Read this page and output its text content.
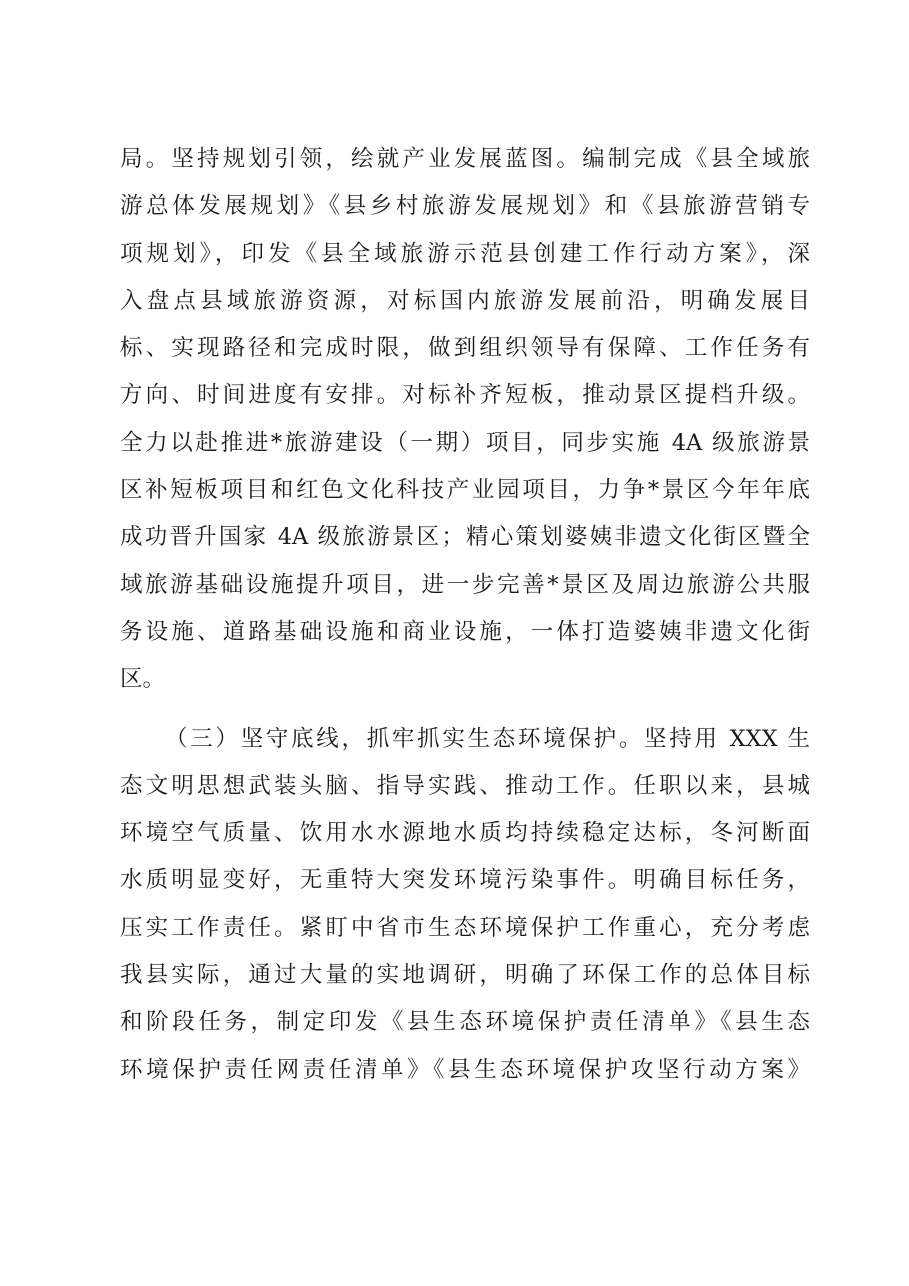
局。坚持规划引领，绘就产业发展蓝图。编制完成《县全域旅
游总体发展规划》《县乡村旅游发展规划》和《县旅游营销专
项规划》，印发《县全域旅游示范县创建工作行动方案》，深
入盘点县域旅游资源，对标国内旅游发展前沿，明确发展目
标、实现路径和完成时限，做到组织领导有保障、工作任务有
方向、时间进度有安排。对标补齐短板，推动景区提档升级。
全力以赴推进*旅游建设（一期）项目，同步实施 4A 级旅游景
区补短板项目和红色文化科技产业园项目，力争*景区今年年底
成功晋升国家 4A 级旅游景区；精心策划婆姨非遗文化街区暨全
域旅游基础设施提升项目，进一步完善*景区及周边旅游公共服
务设施、道路基础设施和商业设施，一体打造婆姨非遗文化街
区。
（三）坚守底线，抓牢抓实生态环境保护。坚持用 XXX 生
态文明思想武装头脑、指导实践、推动工作。任职以来，县城
环境空气质量、饮用水水源地水质均持续稳定达标，冬河断面
水质明显变好，无重特大突发环境污染事件。明确目标任务，
压实工作责任。紧盯中省市生态环境保护工作重心，充分考虑
我县实际，通过大量的实地调研，明确了环保工作的总体目标
和阶段任务，制定印发《县生态环境保护责任清单》《县生态
环境保护责任网责任清单》《县生态环境保护攻坚行动方案》
